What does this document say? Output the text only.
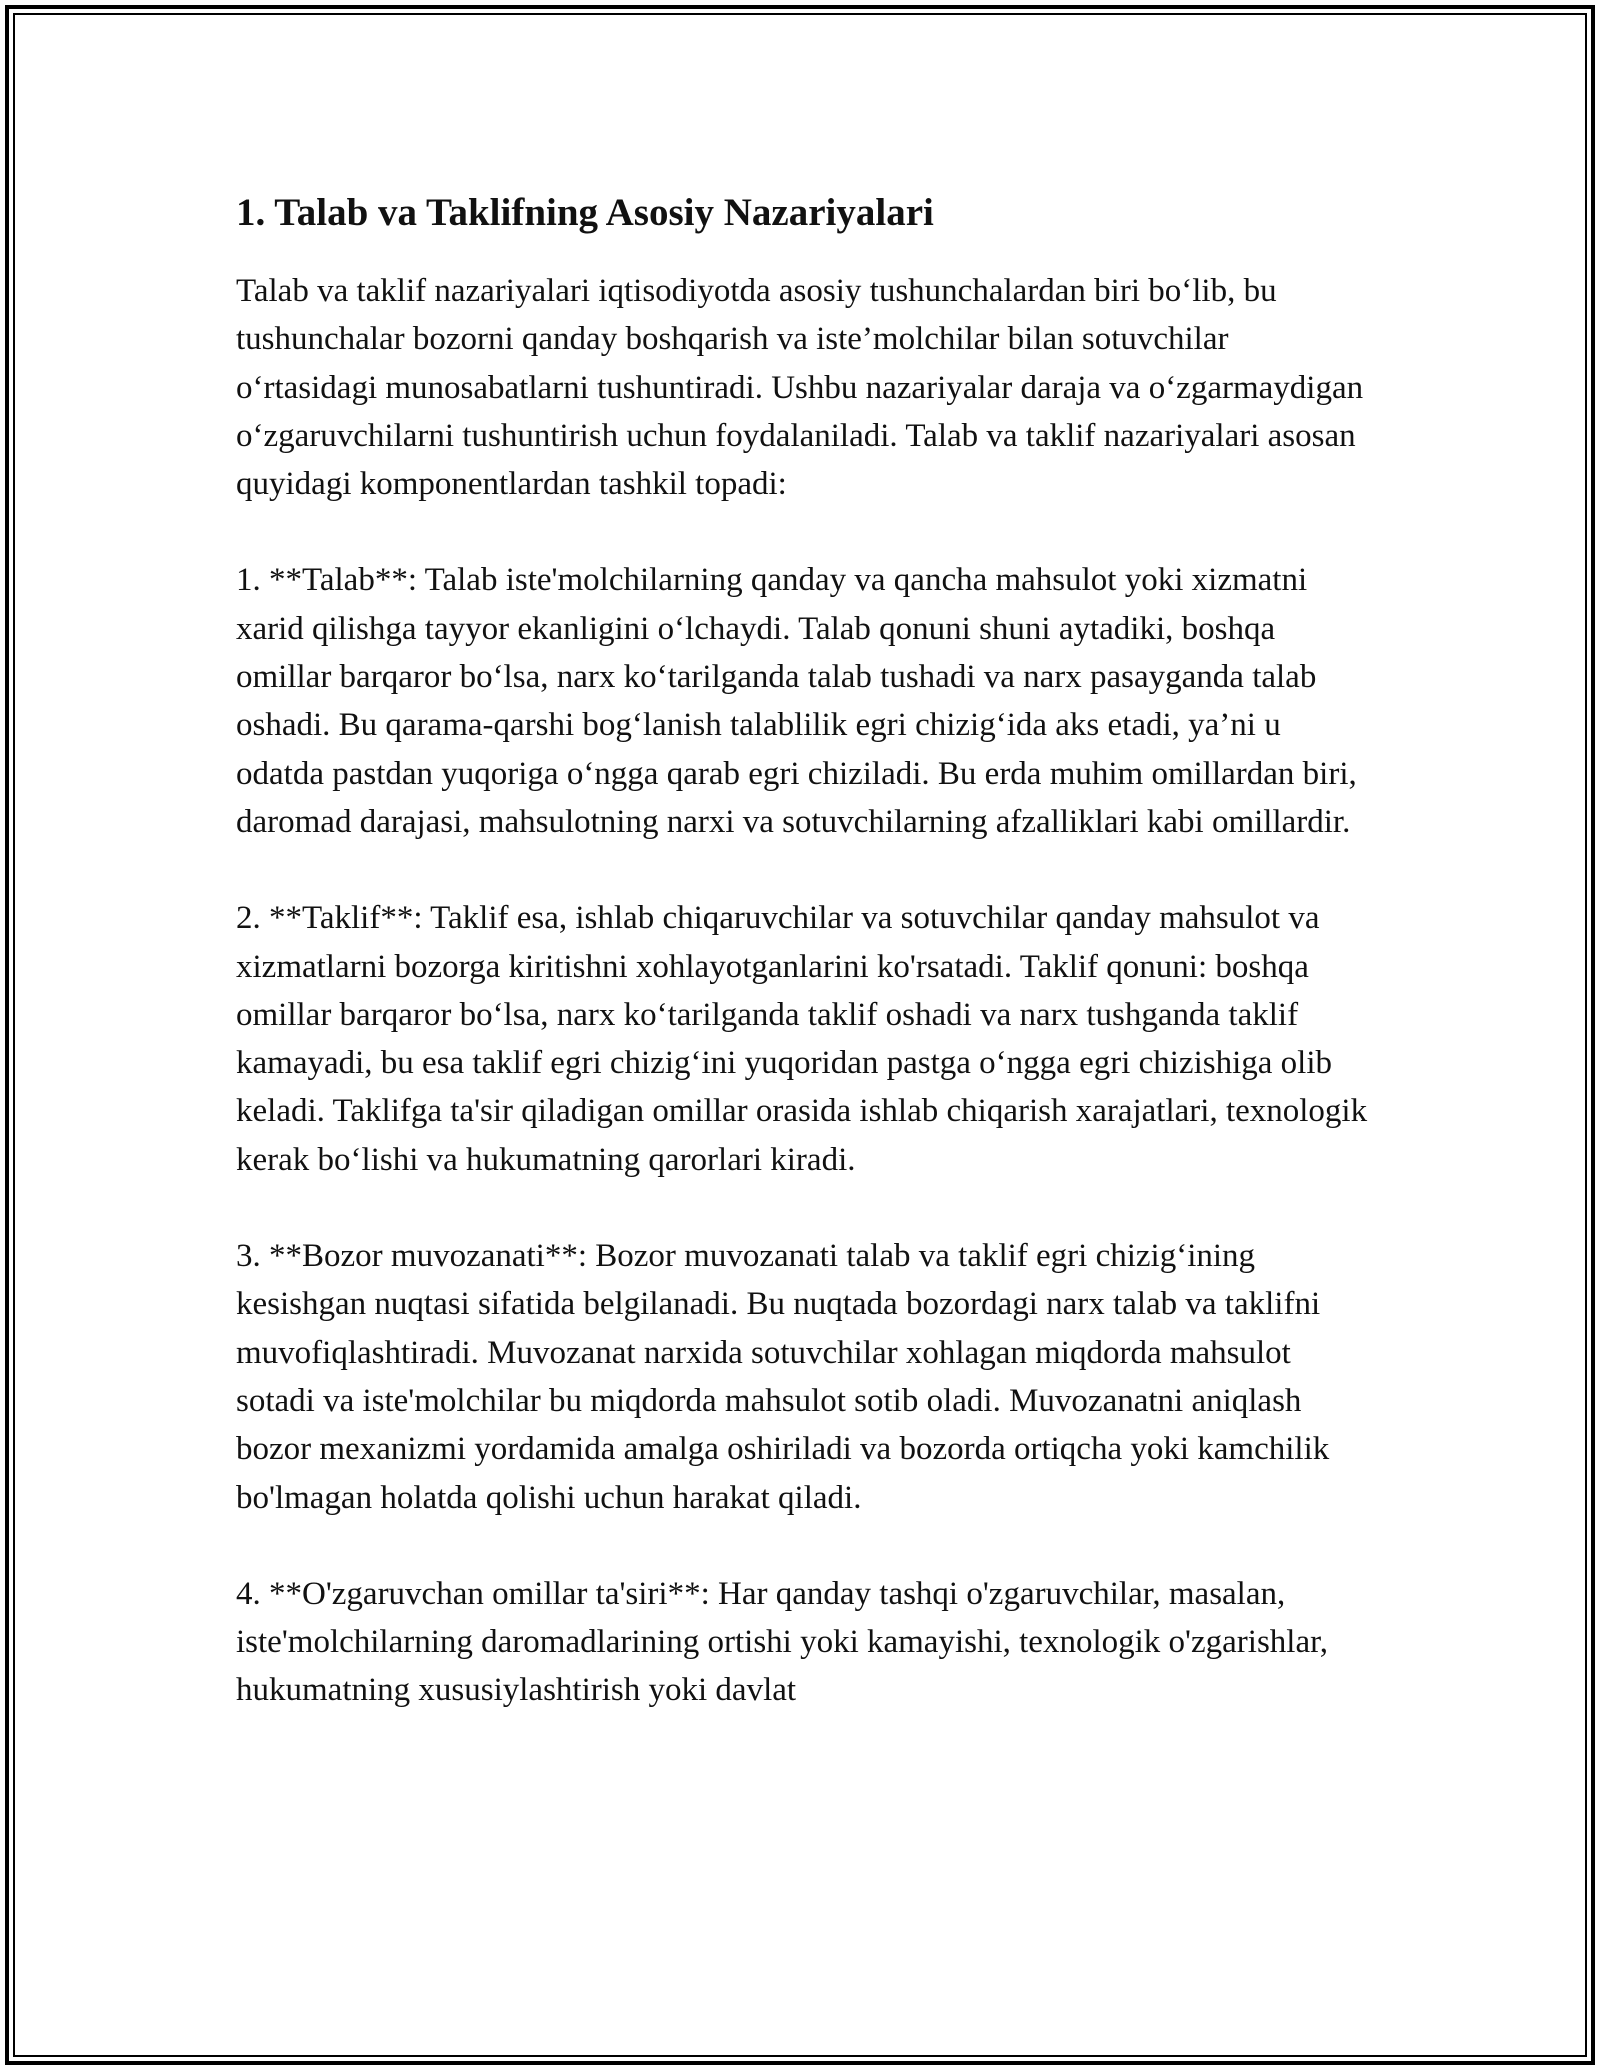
1. Talab va Taklifning Asosiy Nazariyalari

Talab va taklif nazariyalari iqtisodiyotda asosiy tushunchalardan biri bo‘lib, bu tushunchalar bozorni qanday boshqarish va iste’molchilar bilan sotuvchilar o‘rtasidagi munosabatlarni tushuntiradi. Ushbu nazariyalar daraja va o‘zgarmaydigan o‘zgaruvchilarni tushuntirish uchun foydalaniladi. Talab va taklif nazariyalari asosan quyidagi komponentlardan tashkil topadi:

1. **Talab**: Talab iste'molchilarning qanday va qancha mahsulot yoki xizmatni xarid qilishga tayyor ekanligini o‘lchaydi. Talab qonuni shuni aytadiki, boshqa omillar barqaror bo‘lsa, narx ko‘tarilganda talab tushadi va narx pasayganda talab oshadi. Bu qarama-qarshi bog‘lanish talablilik egri chizig‘ida aks etadi, ya’ni u odatda pastdan yuqoriga o‘ngga qarab egri chiziladi. Bu erda muhim omillardan biri, daromad darajasi, mahsulotning narxi va sotuvchilarning afzalliklari kabi omillardir.

2. **Taklif**: Taklif esa, ishlab chiqaruvchilar va sotuvchilar qanday mahsulot va xizmatlarni bozorga kiritishni xohlayotganlarini ko'rsatadi. Taklif qonuni: boshqa omillar barqaror bo‘lsa, narx ko‘tarilganda taklif oshadi va narx tushganda taklif kamayadi, bu esa taklif egri chizig‘ini yuqoridan pastga o‘ngga egri chizishiga olib keladi. Taklifga ta'sir qiladigan omillar orasida ishlab chiqarish xarajatlari, texnologik kerak bo‘lishi va hukumatning qarorlari kiradi.

3. **Bozor muvozanati**: Bozor muvozanati talab va taklif egri chizig‘ining kesishgan nuqtasi sifatida belgilanadi. Bu nuqtada bozordagi narx talab va taklifni muvofiqlashtiradi. Muvozanat narxida sotuvchilar xohlagan miqdorda mahsulot sotadi va iste'molchilar bu miqdorda mahsulot sotib oladi. Muvozanatni aniqlash bozor mexanizmi yordamida amalga oshiriladi va bozorda ortiqcha yoki kamchilik bo'lmagan holatda qolishi uchun harakat qiladi.

4. **O'zgaruvchan omillar ta'siri**: Har qanday tashqi o'zgaruvchilar, masalan, iste'molchilarning daromadlarining ortishi yoki kamayishi, texnologik o'zgarishlar, hukumatning xususiylashtirish yoki davlat
